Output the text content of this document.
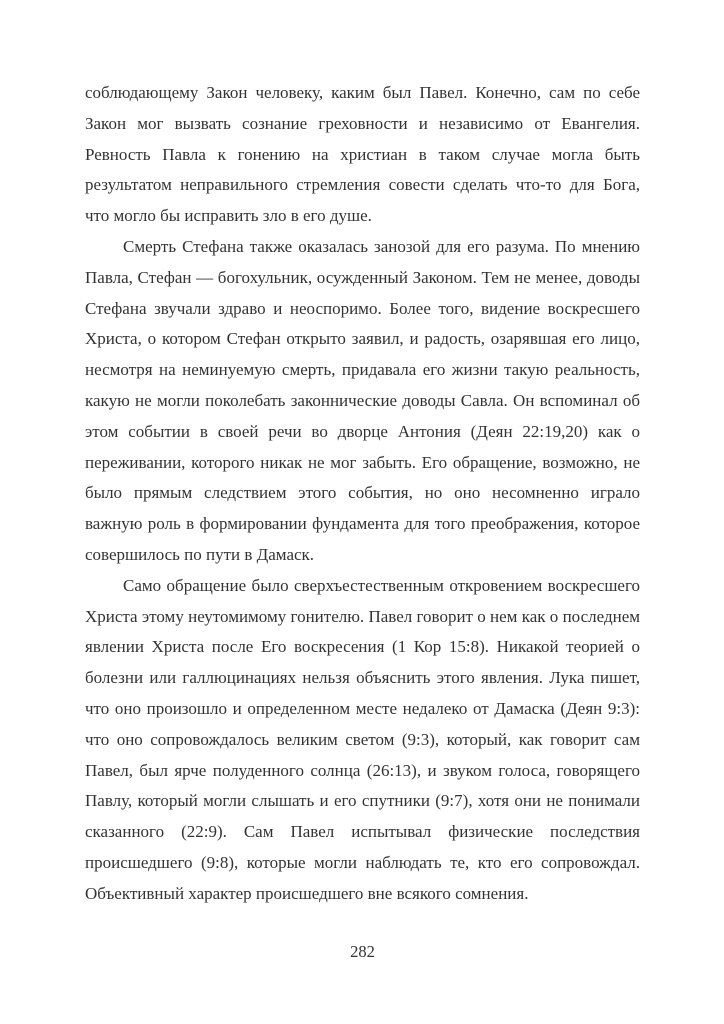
соблюдающему Закон человеку, каким был Павел. Конечно, сам по себе Закон мог вызвать сознание греховности и независимо от Евангелия. Ревность Павла к гонению на христиан в таком случае могла быть результатом неправильного стремления совести сделать что-то для Бога, что могло бы исправить зло в его душе.

Смерть Стефана также оказалась занозой для его разума. По мнению Павла, Стефан — богохульник, осужденный Законом. Тем не менее, доводы Стефана звучали здраво и неоспоримо. Более того, видение воскресшего Христа, о котором Стефан открыто заявил, и радость, озарявшая его лицо, несмотря на неминуемую смерть, придавала его жизни такую реальность, какую не могли поколебать законнические доводы Савла. Он вспоминал об этом событии в своей речи во дворце Антония (Деян 22:19,20) как о переживании, которого никак не мог забыть. Его обращение, возможно, не было прямым следствием этого события, но оно несомненно играло важную роль в формировании фундамента для того преображения, которое совершилось по пути в Дамаск.

Само обращение было сверхъестественным откровением воскресшего Христа этому неутомимому гонителю. Павел говорит о нем как о последнем явлении Христа после Его воскресения (1 Кор 15:8). Никакой теорией о болезни или галлюцинациях нельзя объяснить этого явления. Лука пишет, что оно произошло и определенном месте недалеко от Дамаска (Деян 9:3): что оно сопровождалось великим светом (9:3), который, как говорит сам Павел, был ярче полуденного солнца (26:13), и звуком голоса, говорящего Павлу, который могли слышать и его спутники (9:7), хотя они не понимали сказанного (22:9). Сам Павел испытывал физические последствия происшедшего (9:8), которые могли наблюдать те, кто его сопровождал. Объективный характер происшедшего вне всякого сомнения.

282
